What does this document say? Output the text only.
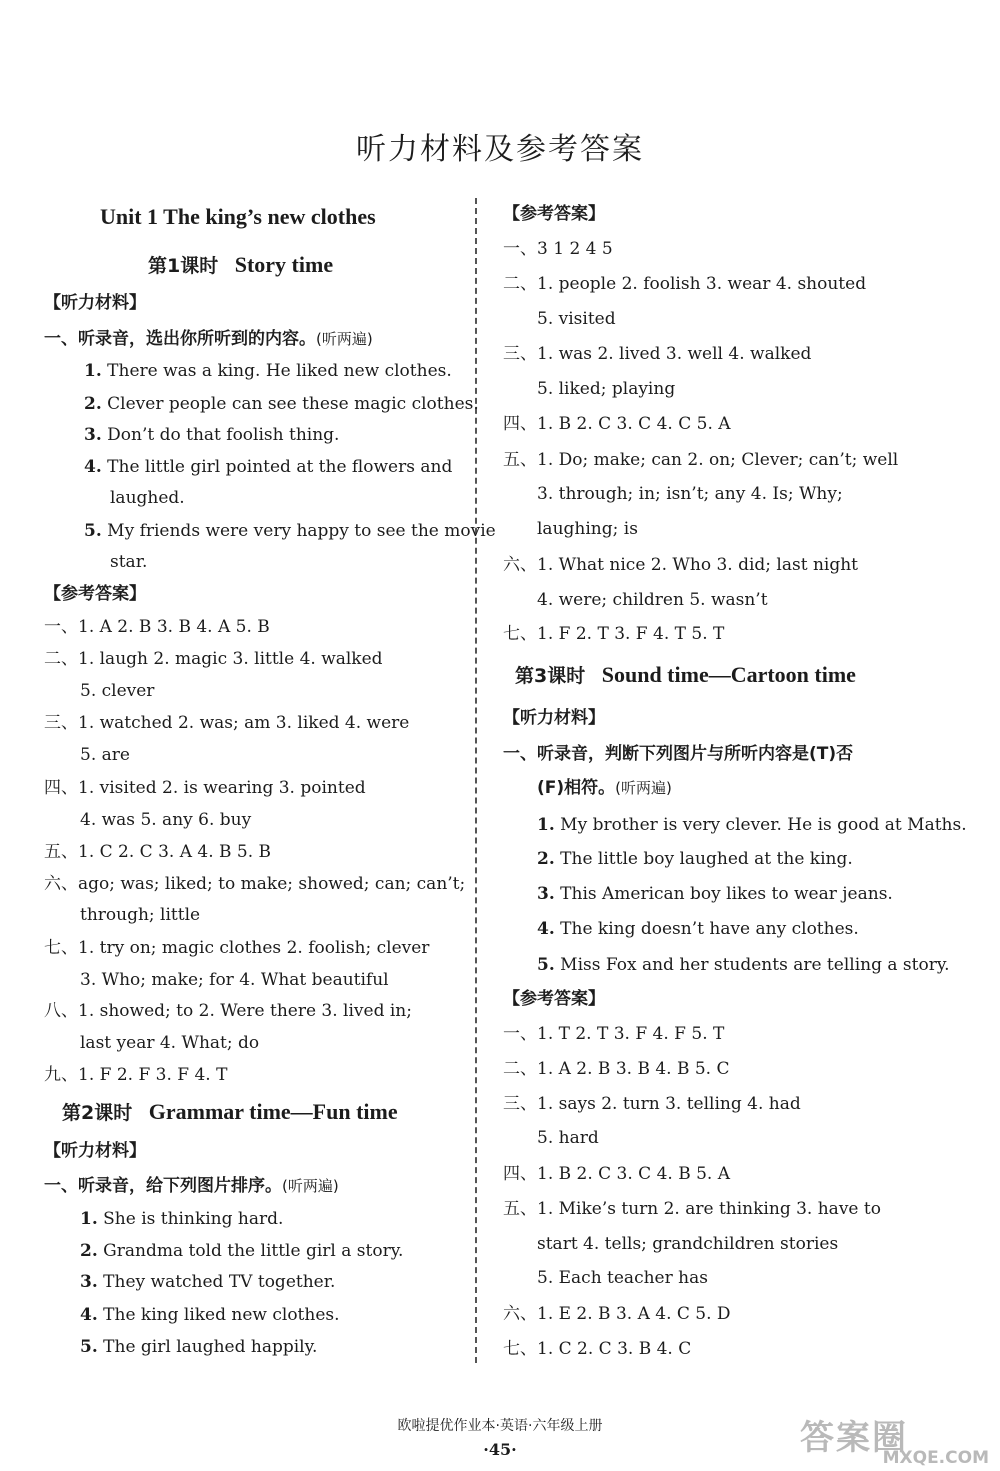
听力材料及参考答案
Unit 1 The king’s new clothes
第1课时 Story time
【听力材料】
一、听录音，选出你所听到的内容。(听两遍)
1. There was a king. He liked new clothes.
2. Clever people can see these magic clothes.
3. Don’t do that foolish thing.
4. The little girl pointed at the flowers and
laughed.
5. My friends were very happy to see the movie
star.
【参考答案】
一、1. A 2. B 3. B 4. A 5. B
二、1. laugh 2. magic 3. little 4. walked
5. clever
三、1. watched 2. was; am 3. liked 4. were
5. are
四、1. visited 2. is wearing 3. pointed
4. was 5. any 6. buy
五、1. C 2. C 3. A 4. B 5. B
六、ago; was; liked; to make; showed; can; can’t;
through; little
七、1. try on; magic clothes 2. foolish; clever
3. Who; make; for 4. What beautiful
八、1. showed; to 2. Were there 3. lived in;
last year 4. What; do
九、1. F 2. F 3. F 4. T
第2课时 Grammar time—Fun time
【听力材料】
一、听录音，给下列图片排序。(听两遍)
1. She is thinking hard.
2. Grandma told the little girl a story.
3. They watched TV together.
4. The king liked new clothes.
5. The girl laughed happily.
【参考答案】
一、3 1 2 4 5
二、1. people 2. foolish 3. wear 4. shouted
5. visited
三、1. was 2. lived 3. well 4. walked
5. liked; playing
四、1. B 2. C 3. C 4. C 5. A
五、1. Do; make; can 2. on; Clever; can’t; well
3. through; in; isn’t; any 4. Is; Why;
laughing; is
六、1. What nice 2. Who 3. did; last night
4. were; children 5. wasn’t
七、1. F 2. T 3. F 4. T 5. T
第3课时 Sound time—Cartoon time
【听力材料】
一、听录音，判断下列图片与所听内容是(T)否
(F)相符。(听两遍)
1. My brother is very clever. He is good at Maths.
2. The little boy laughed at the king.
3. This American boy likes to wear jeans.
4. The king doesn’t have any clothes.
5. Miss Fox and her students are telling a story.
【参考答案】
一、1. T 2. T 3. F 4. F 5. T
二、1. A 2. B 3. B 4. B 5. C
三、1. says 2. turn 3. telling 4. had
5. hard
四、1. B 2. C 3. C 4. B 5. A
五、1. Mike’s turn 2. are thinking 3. have to
start 4. tells; grandchildren stories
5. Each teacher has
六、1. E 2. B 3. A 4. C 5. D
七、1. C 2. C 3. B 4. C
欧啦提优作业本·英语·六年级上册
·45·	答案圈
MXQE.COM
